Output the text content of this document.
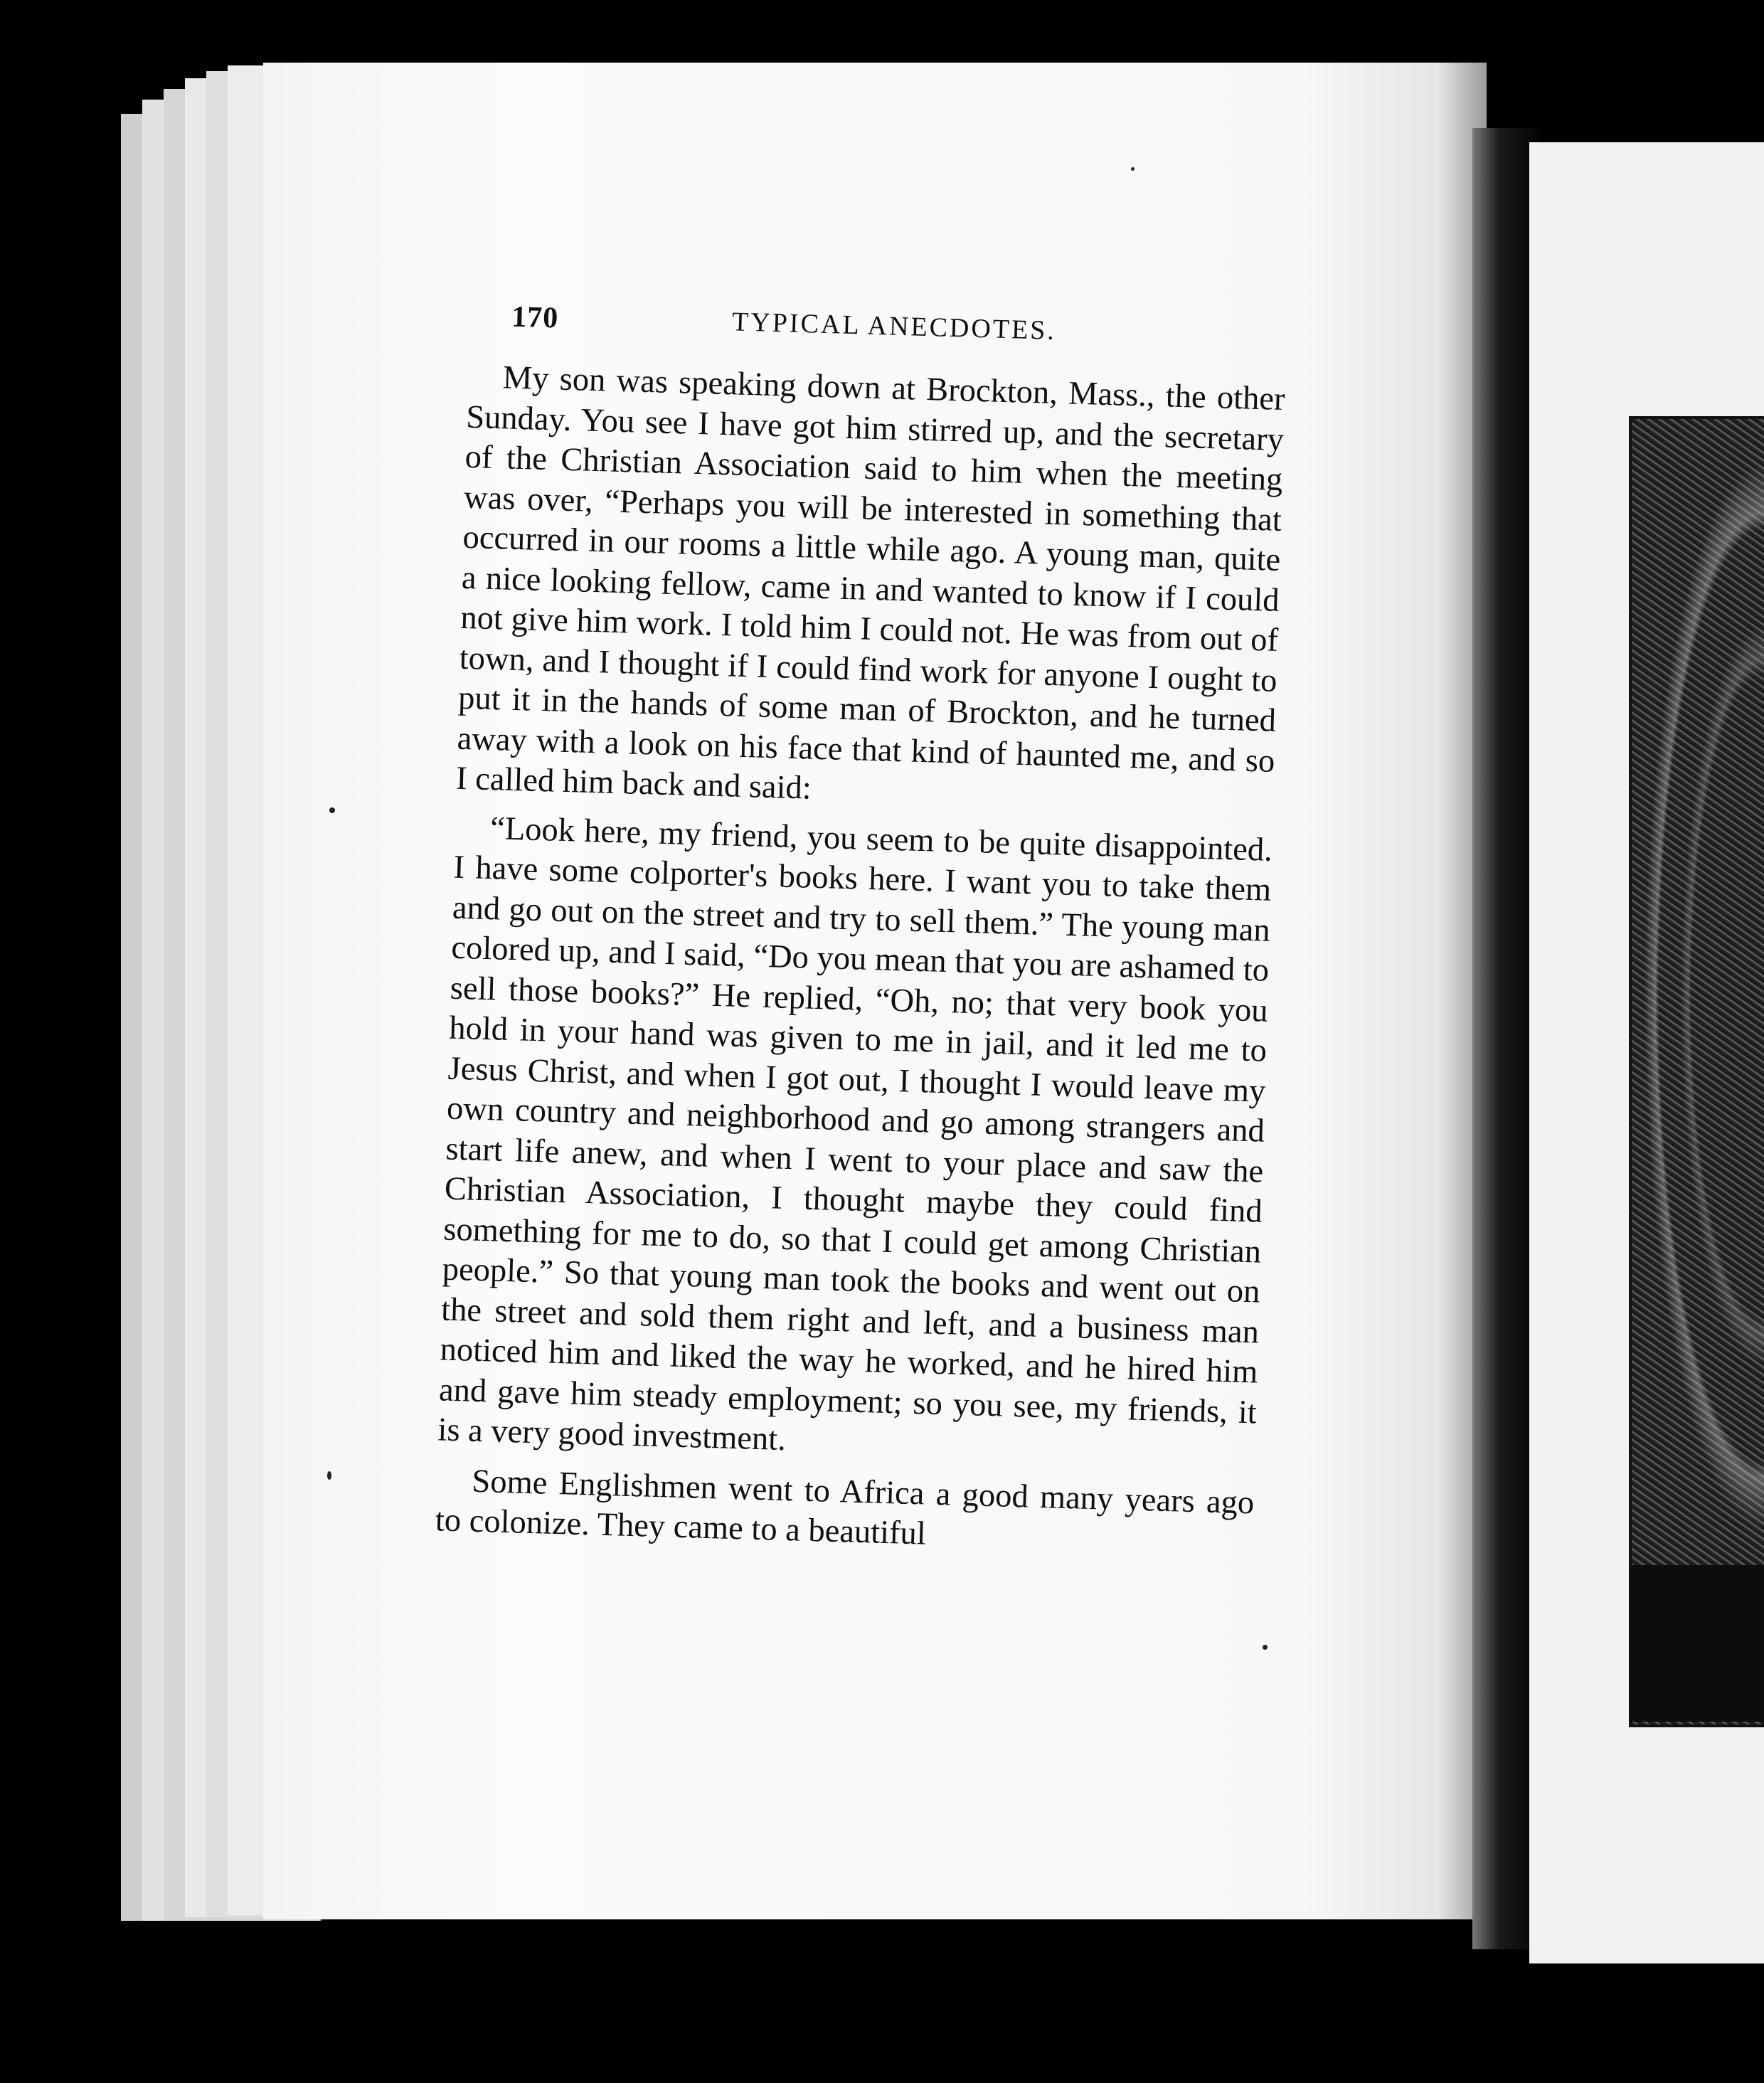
170	TYPICAL ANECDOTES.

My son was speaking down at Brockton, Mass., the other Sunday. You see I have got him stirred up, and the secretary of the Christian Association said to him when the meeting was over, “Perhaps you will be interested in something that occurred in our rooms a little while ago. A young man, quite a nice looking fellow, came in and wanted to know if I could not give him work. I told him I could not. He was from out of town, and I thought if I could find work for anyone I ought to put it in the hands of some man of Brockton, and he turned away with a look on his face that kind of haunted me, and so I called him back and said:

“Look here, my friend, you seem to be quite disappointed. I have some colporter's books here. I want you to take them and go out on the street and try to sell them.” The young man colored up, and I said, “Do you mean that you are ashamed to sell those books?” He replied, “Oh, no; that very book you hold in your hand was given to me in jail, and it led me to Jesus Christ, and when I got out, I thought I would leave my own country and neighborhood and go among strangers and start life anew, and when I went to your place and saw the Christian Association, I thought maybe they could find something for me to do, so that I could get among Christian people.” So that young man took the books and went out on the street and sold them right and left, and a business man noticed him and liked the way he worked, and he hired him and gave him steady employment; so you see, my friends, it is a very good investment.

Some Englishmen went to Africa a good many years ago to colonize. They came to a beautiful
